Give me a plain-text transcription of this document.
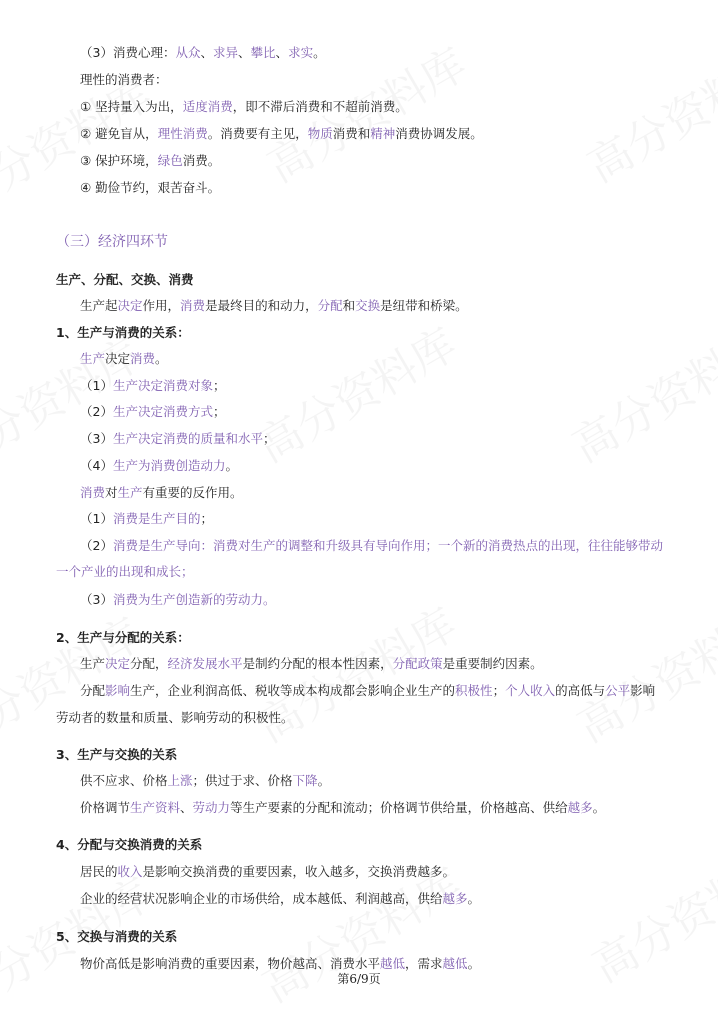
（3）消费心理：从众、求异、攀比、求实。
理性的消费者：
① 坚持量入为出，适度消费，即不滞后消费和不超前消费。
② 避免盲从，理性消费。消费要有主见，物质消费和精神消费协调发展。
③ 保护环境，绿色消费。
④ 勤俭节约，艰苦奋斗。
（三）经济四环节
生产、分配、交换、消费
生产起决定作用，消费是最终目的和动力，分配和交换是纽带和桥梁。
1、生产与消费的关系：
生产决定消费。
（1）生产决定消费对象；
（2）生产决定消费方式；
（3）生产决定消费的质量和水平；
（4）生产为消费创造动力。
消费对生产有重要的反作用。
（1）消费是生产目的；
（2）消费是生产导向：消费对生产的调整和升级具有导向作用；一个新的消费热点的出现，往往能够带动
一个产业的出现和成长；
（3）消费为生产创造新的劳动力。
2、生产与分配的关系：
生产决定分配，经济发展水平是制约分配的根本性因素，分配政策是重要制约因素。
分配影响生产，企业利润高低、税收等成本构成都会影响企业生产的积极性；个人收入的高低与公平影响
劳动者的数量和质量、影响劳动的积极性。
3、生产与交换的关系
供不应求、价格上涨；供过于求、价格下降。
价格调节生产资料、劳动力等生产要素的分配和流动；价格调节供给量，价格越高、供给越多。
4、分配与交换消费的关系
居民的收入是影响交换消费的重要因素，收入越多，交换消费越多。
企业的经营状况影响企业的市场供给，成本越低、利润越高，供给越多。
5、交换与消费的关系
物价高低是影响消费的重要因素，物价越高、消费水平越低，需求越低。
第6/9页
